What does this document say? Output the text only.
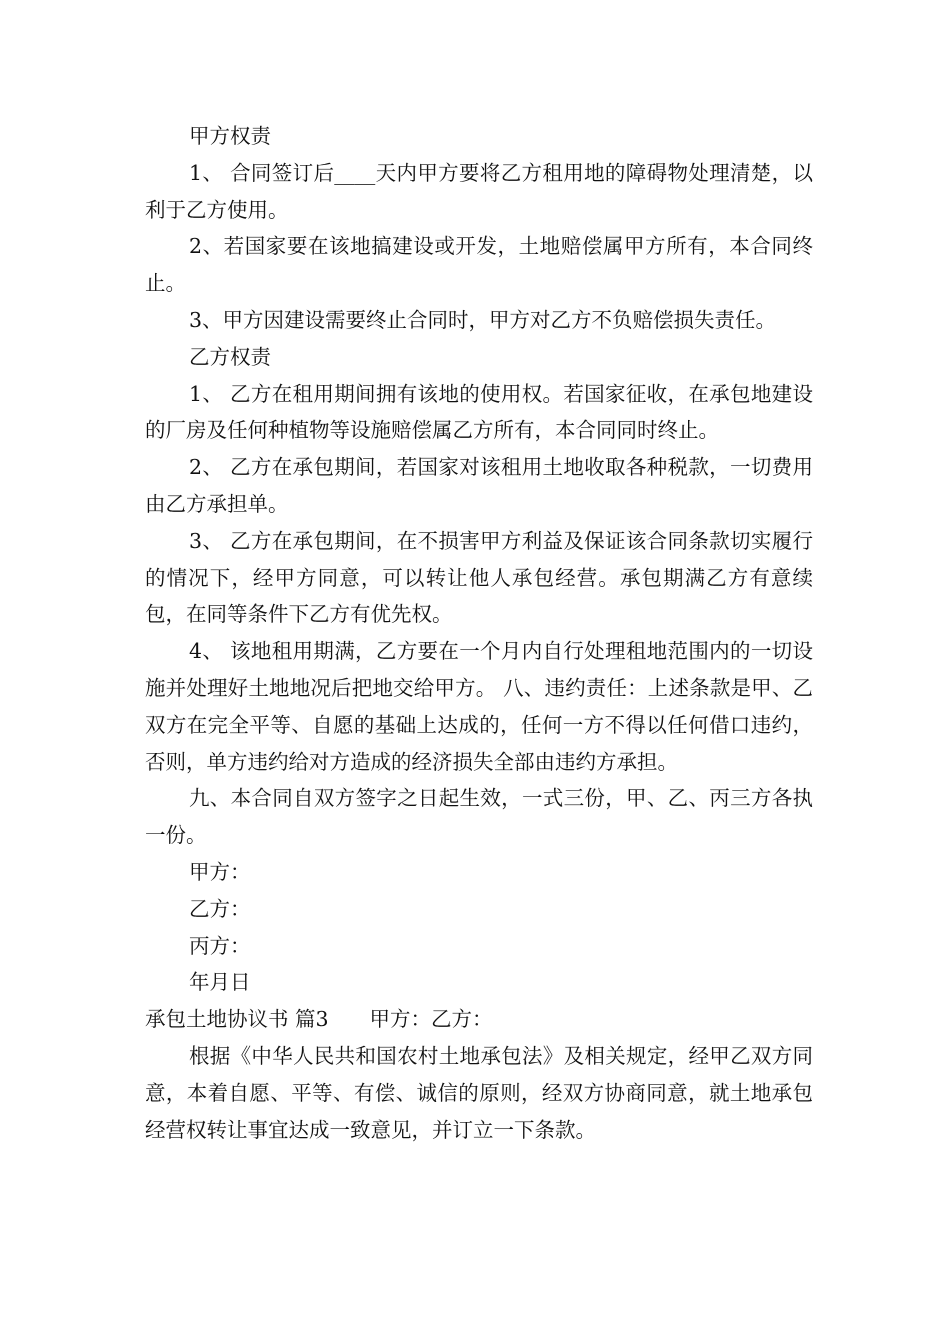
甲方权责

1、 合同签订后____天内甲方要将乙方租用地的障碍物处理清楚，以利于乙方使用。

2、若国家要在该地搞建设或开发，土地赔偿属甲方所有，本合同终止。

3、甲方因建设需要终止合同时，甲方对乙方不负赔偿损失责任。

乙方权责

1、 乙方在租用期间拥有该地的使用权。若国家征收，在承包地建设的厂房及任何种植物等设施赔偿属乙方所有，本合同同时终止。

2、 乙方在承包期间，若国家对该租用土地收取各种税款，一切费用由乙方承担单。

3、 乙方在承包期间，在不损害甲方利益及保证该合同条款切实履行的情况下，经甲方同意，可以转让他人承包经营。承包期满乙方有意续包，在同等条件下乙方有优先权。

4、 该地租用期满，乙方要在一个月内自行处理租地范围内的一切设施并处理好土地地况后把地交给甲方。 八、违约责任：上述条款是甲、乙双方在完全平等、自愿的基础上达成的，任何一方不得以任何借口违约，否则，单方违约给对方造成的经济损失全部由违约方承担。

九、本合同自双方签字之日起生效，一式三份，甲、乙、丙三方各执一份。

甲方：

乙方：

丙方：

年月日

承包土地协议书 篇3　　甲方：乙方：

根据《中华人民共和国农村土地承包法》及相关规定，经甲乙双方同意，本着自愿、平等、有偿、诚信的原则，经双方协商同意，就土地承包经营权转让事宜达成一致意见，并订立一下条款。
